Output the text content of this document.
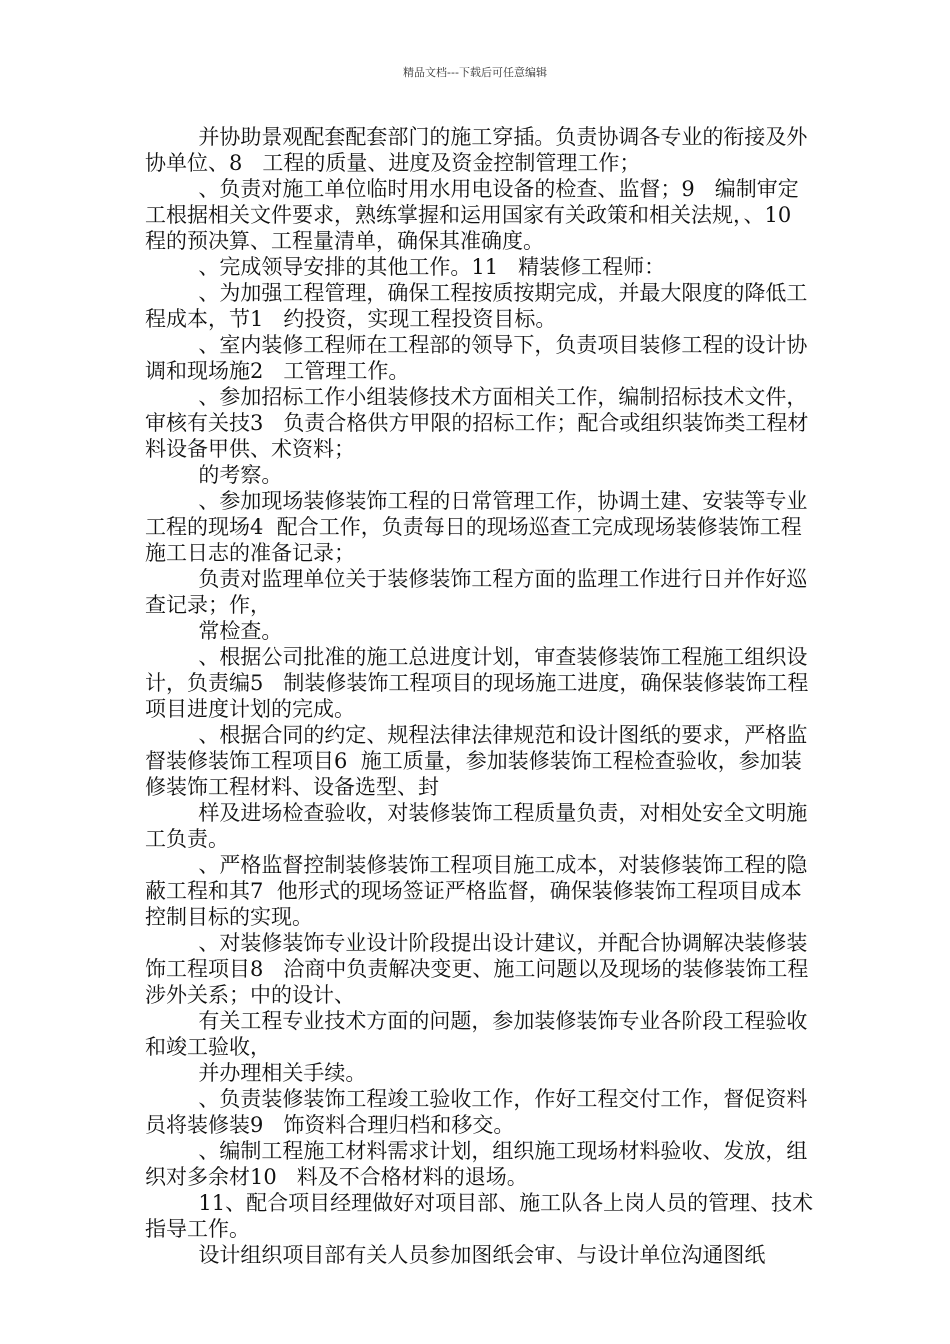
精品文档---下载后可任意编辑

并协助景观配套配套部门的施工穿插。负责协调各专业的衔接及外协单位、8   工程的质量、进度及资金控制管理工作；

、负责对施工单位临时用水用电设备的检查、监督；9   编制审定工根据相关文件要求，熟练掌握和运用国家有关政策和相关法规，、10   程的预决算、工程量清单，确保其准确度。

、完成领导安排的其他工作。11   精装修工程师：

、为加强工程管理，确保工程按质按期完成，并最大限度的降低工程成本，节1   约投资，实现工程投资目标。

、室内装修工程师在工程部的领导下，负责项目装修工程的设计协调和现场施2   工管理工作。

、参加招标工作小组装修技术方面相关工作，编制招标技术文件，审核有关技3   负责合格供方甲限的招标工作；配合或组织装饰类工程材料设备甲供、术资料；

的考察。

、参加现场装修装饰工程的日常管理工作，协调土建、安装等专业工程的现场4  配合工作，负责每日的现场巡查工完成现场装修装饰工程施工日志的准备记录；

负责对监理单位关于装修装饰工程方面的监理工作进行日并作好巡查记录；作，

常检查。

、根据公司批准的施工总进度计划，审查装修装饰工程施工组织设计，负责编5   制装修装饰工程项目的现场施工进度，确保装修装饰工程项目进度计划的完成。

、根据合同的约定、规程法律法律规范和设计图纸的要求，严格监督装修装饰工程项目6  施工质量，参加装修装饰工程检查验收，参加装修装饰工程材料、设备选型、封

样及进场检查验收，对装修装饰工程质量负责，对相处安全文明施工负责。

、严格监督控制装修装饰工程项目施工成本，对装修装饰工程的隐蔽工程和其7  他形式的现场签证严格监督，确保装修装饰工程项目成本控制目标的实现。

、对装修装饰专业设计阶段提出设计建议，并配合协调解决装修装饰工程项目8   洽商中负责解决变更、施工问题以及现场的装修装饰工程涉外关系；中的设计、

有关工程专业技术方面的问题，参加装修装饰专业各阶段工程验收和竣工验收，

并办理相关手续。

、负责装修装饰工程竣工验收工作，作好工程交付工作，督促资料员将装修装9   饰资料合理归档和移交。

、编制工程施工材料需求计划，组织施工现场材料验收、发放，组织对多余材10   料及不合格材料的退场。

11、配合项目经理做好对项目部、施工队各上岗人员的管理、技术指导工作。

设计组织项目部有关人员参加图纸会审、与设计单位沟通图纸
